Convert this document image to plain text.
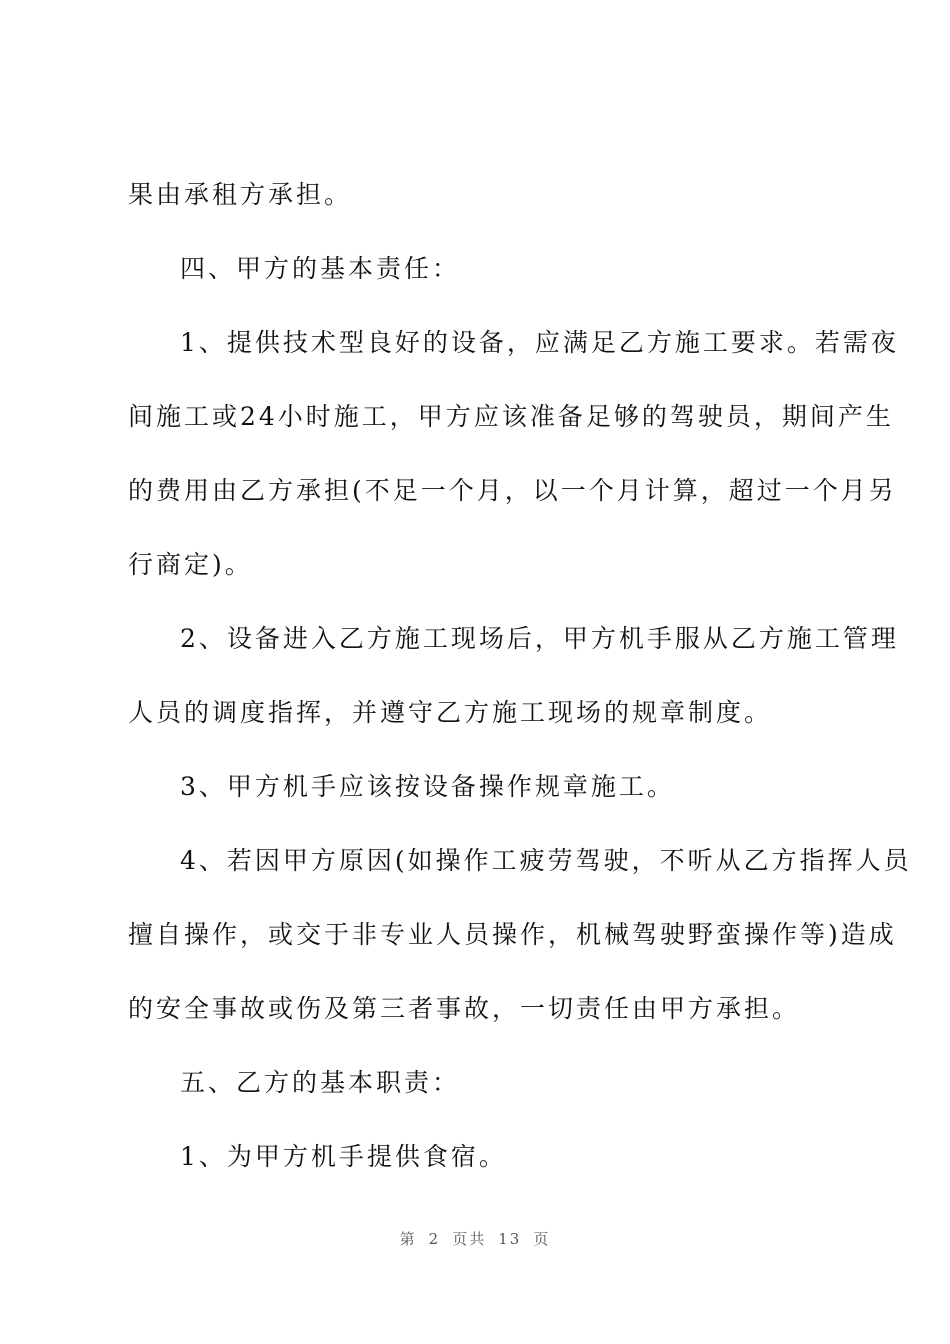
果由承租方承担。
四、甲方的基本责任：
1、提供技术型良好的设备，应满足乙方施工要求。若需夜
间施工或24小时施工，甲方应该准备足够的驾驶员，期间产生
的费用由乙方承担(不足一个月，以一个月计算，超过一个月另
行商定)。
2、设备进入乙方施工现场后，甲方机手服从乙方施工管理
人员的调度指挥，并遵守乙方施工现场的规章制度。
3、甲方机手应该按设备操作规章施工。
4、若因甲方原因(如操作工疲劳驾驶，不听从乙方指挥人员
擅自操作，或交于非专业人员操作，机械驾驶野蛮操作等)造成
的安全事故或伤及第三者事故，一切责任由甲方承担。
五、乙方的基本职责：
1、为甲方机手提供食宿。
第 2 页共 13 页
